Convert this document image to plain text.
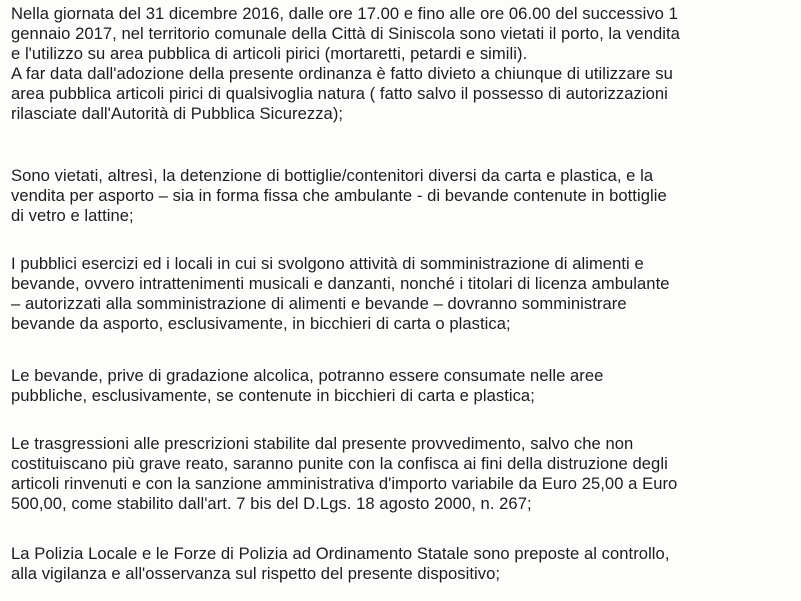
Nella giornata del 31 dicembre 2016, dalle ore 17.00 e fino alle ore 06.00 del successivo 1
gennaio 2017, nel territorio comunale della Città di Siniscola sono vietati il porto, la vendita
e l'utilizzo su area pubblica di articoli pirici (mortaretti, petardi e simili).
A far data dall'adozione della presente ordinanza è fatto divieto a chiunque di utilizzare su
area pubblica articoli pirici di qualsivoglia natura ( fatto salvo il possesso di autorizzazioni
rilasciate dall'Autorità di Pubblica Sicurezza);

Sono vietati, altresì, la detenzione di bottiglie/contenitori diversi da carta e plastica, e la
vendita per asporto – sia in forma fissa che ambulante - di bevande contenute in bottiglie
di vetro e lattine;

I pubblici esercizi ed i locali in cui si svolgono attività di somministrazione di alimenti e
bevande, ovvero intrattenimenti musicali e danzanti, nonché i titolari di licenza ambulante
– autorizzati alla somministrazione di alimenti e bevande – dovranno somministrare
bevande da asporto, esclusivamente, in bicchieri di carta o plastica;

Le bevande, prive di gradazione alcolica, potranno essere consumate nelle aree
pubbliche, esclusivamente, se contenute in bicchieri di carta e plastica;

Le trasgressioni alle prescrizioni stabilite dal presente provvedimento, salvo che non
costituiscano più grave reato, saranno punite con la confisca ai fini della distruzione degli
articoli rinvenuti e con la sanzione amministrativa d'importo variabile da Euro 25,00 a Euro
500,00, come stabilito dall'art. 7 bis del D.Lgs. 18 agosto 2000, n. 267;

La Polizia Locale e le Forze di Polizia ad Ordinamento Statale sono preposte al controllo,
alla vigilanza e all'osservanza sul rispetto del presente dispositivo;
